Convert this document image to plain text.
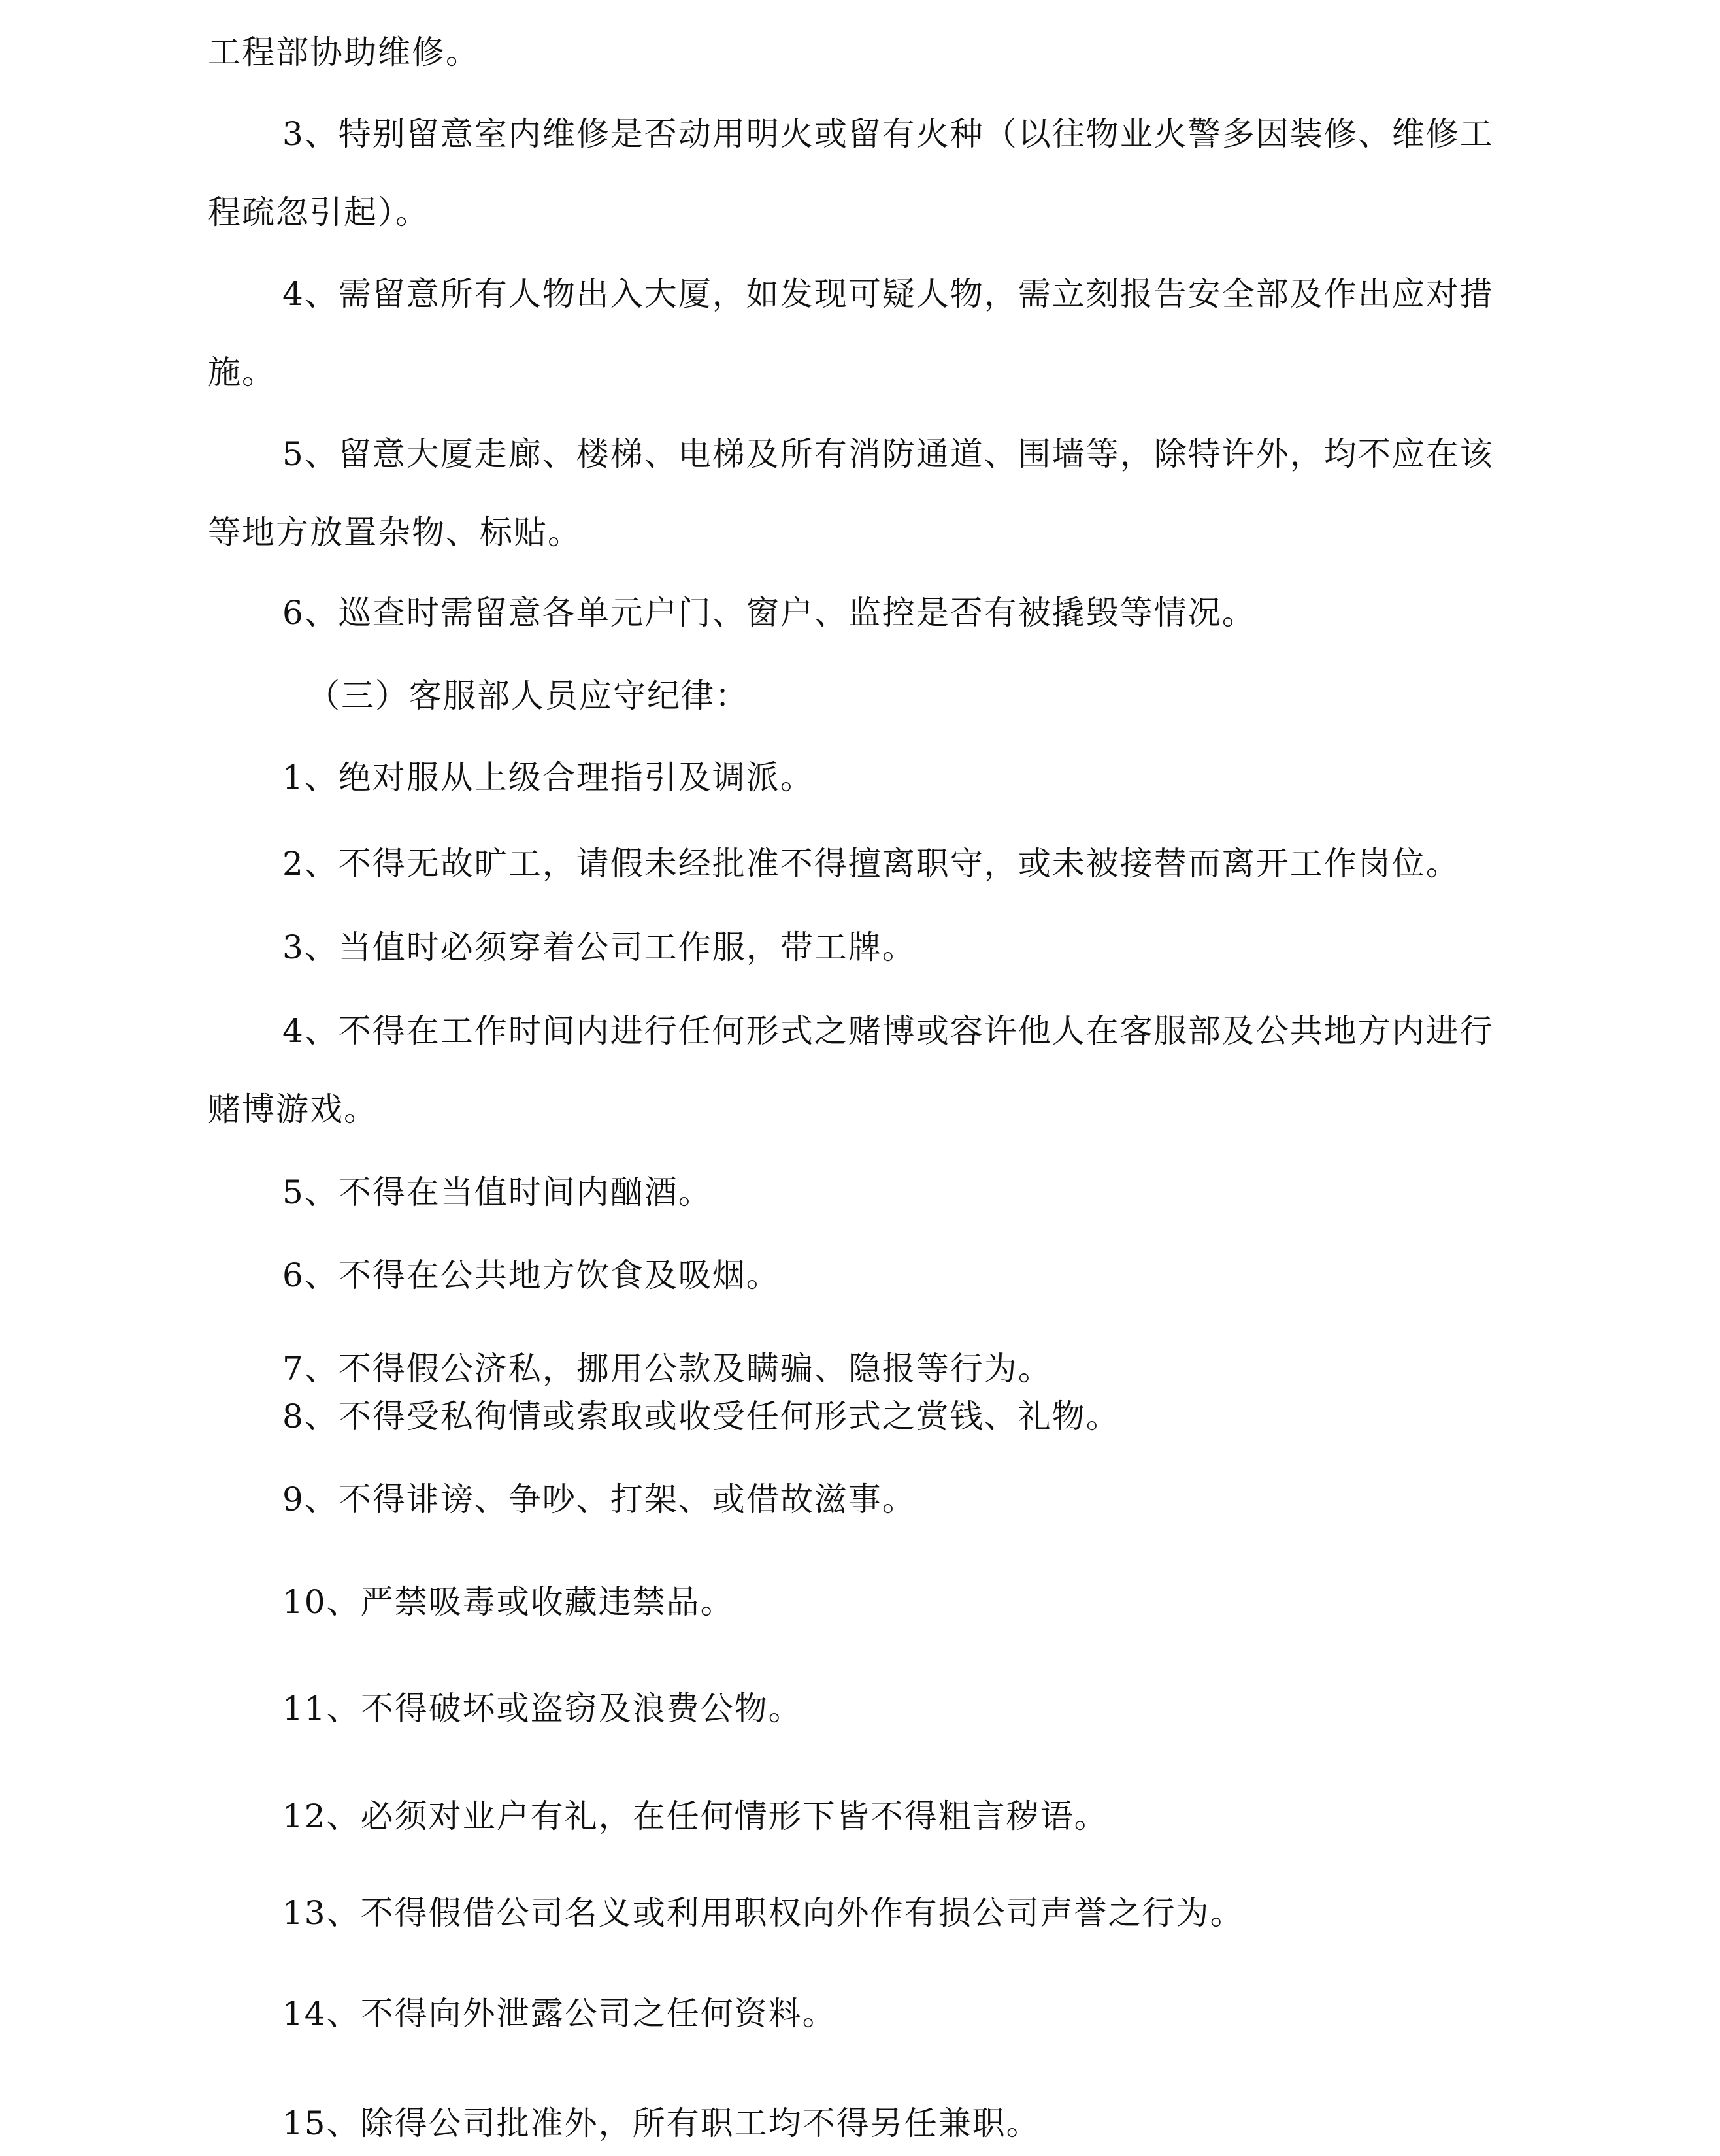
工程部协助维修。
3、特别留意室内维修是否动用明火或留有火种（以往物业火警多因装修、维修工
程疏忽引起）。
4、需留意所有人物出入大厦，如发现可疑人物，需立刻报告安全部及作出应对措
施。
5、留意大厦走廊、楼梯、电梯及所有消防通道、围墙等，除特许外，均不应在该
等地方放置杂物、标贴。
6、巡查时需留意各单元户门、窗户、监控是否有被撬毁等情况。
（三）客服部人员应守纪律：
1、绝对服从上级合理指引及调派。
2、不得无故旷工，请假未经批准不得擅离职守，或未被接替而离开工作岗位。
3、当值时必须穿着公司工作服，带工牌。
4、不得在工作时间内进行任何形式之赌博或容许他人在客服部及公共地方内进行
赌博游戏。
5、不得在当值时间内酗酒。
6、不得在公共地方饮食及吸烟。
7、不得假公济私，挪用公款及瞒骗、隐报等行为。
8、不得受私徇情或索取或收受任何形式之赏钱、礼物。
9、不得诽谤、争吵、打架、或借故滋事。
10、严禁吸毒或收藏违禁品。
11、不得破坏或盗窃及浪费公物。
12、必须对业户有礼，在任何情形下皆不得粗言秽语。
13、不得假借公司名义或利用职权向外作有损公司声誉之行为。
14、不得向外泄露公司之任何资料。
15、除得公司批准外，所有职工均不得另任兼职。
